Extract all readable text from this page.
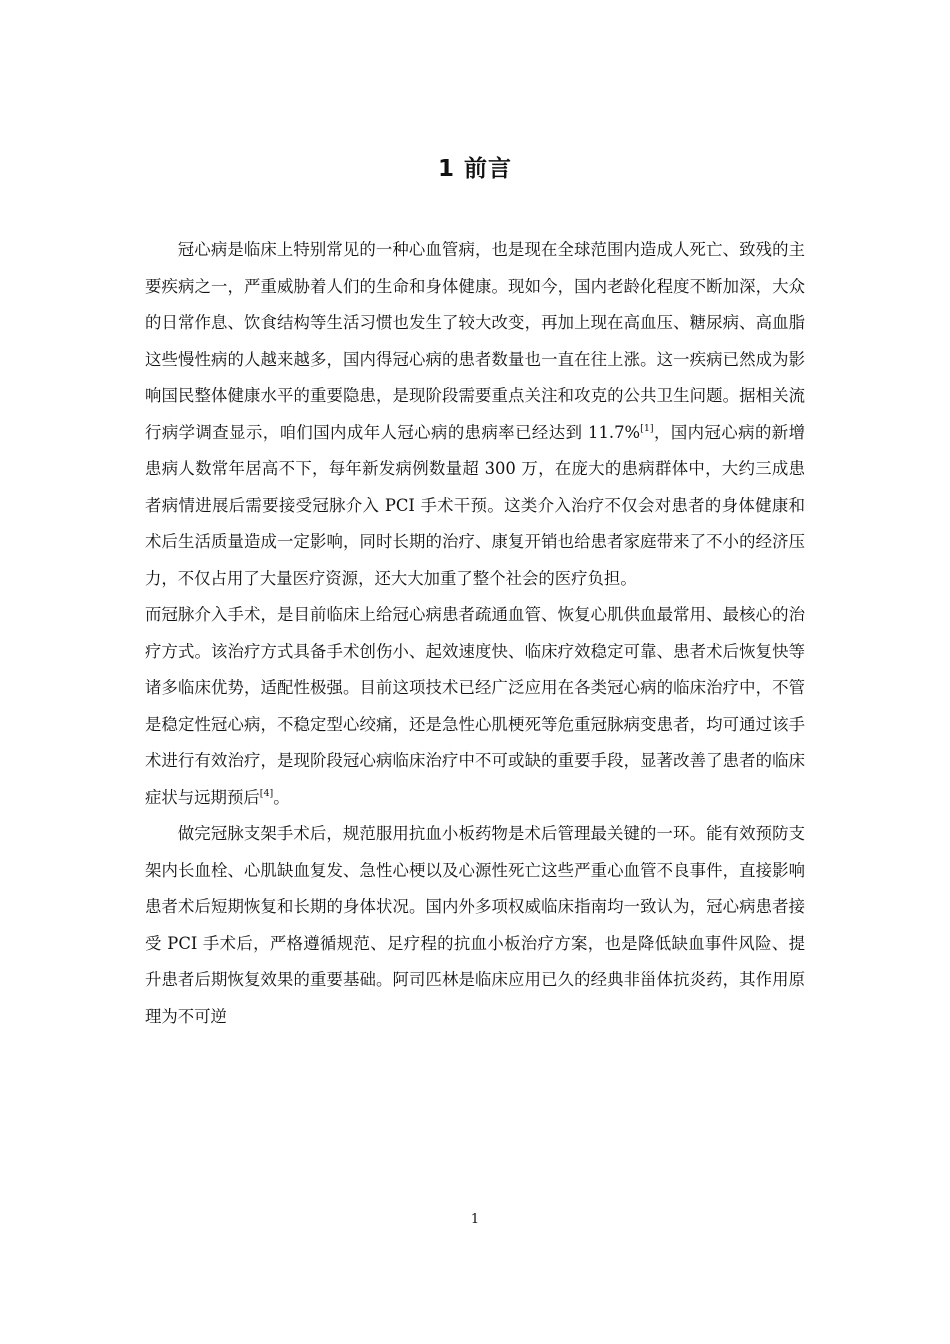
1 前言

冠心病是临床上特别常见的一种心血管病，也是现在全球范围内造成人死亡、致残的主要疾病之一，严重威胁着人们的生命和身体健康。现如今，国内老龄化程度不断加深，大众的日常作息、饮食结构等生活习惯也发生了较大改变，再加上现在高血压、糖尿病、高血脂这些慢性病的人越来越多，国内得冠心病的患者数量也一直在往上涨。这一疾病已然成为影响国民整体健康水平的重要隐患，是现阶段需要重点关注和攻克的公共卫生问题。据相关流行病学调查显示，咱们国内成年人冠心病的患病率已经达到 11.7%[1]，国内冠心病的新增患病人数常年居高不下，每年新发病例数量超 300 万，在庞大的患病群体中，大约三成患者病情进展后需要接受冠脉介入 PCI 手术干预。这类介入治疗不仅会对患者的身体健康和术后生活质量造成一定影响，同时长期的治疗、康复开销也给患者家庭带来了不小的经济压力，不仅占用了大量医疗资源，还大大加重了整个社会的医疗负担。

而冠脉介入手术，是目前临床上给冠心病患者疏通血管、恢复心肌供血最常用、最核心的治疗方式。该治疗方式具备手术创伤小、起效速度快、临床疗效稳定可靠、患者术后恢复快等诸多临床优势，适配性极强。目前这项技术已经广泛应用在各类冠心病的临床治疗中，不管是稳定性冠心病，不稳定型心绞痛，还是急性心肌梗死等危重冠脉病变患者，均可通过该手术进行有效治疗，是现阶段冠心病临床治疗中不可或缺的重要手段，显著改善了患者的临床症状与远期预后[4]。

做完冠脉支架手术后，规范服用抗血小板药物是术后管理最关键的一环。能有效预防支架内长血栓、心肌缺血复发、急性心梗以及心源性死亡这些严重心血管不良事件，直接影响患者术后短期恢复和长期的身体状况。国内外多项权威临床指南均一致认为，冠心病患者接受 PCI 手术后，严格遵循规范、足疗程的抗血小板治疗方案，也是降低缺血事件风险、提升患者后期恢复效果的重要基础。阿司匹林是临床应用已久的经典非甾体抗炎药，其作用原理为不可逆

1
